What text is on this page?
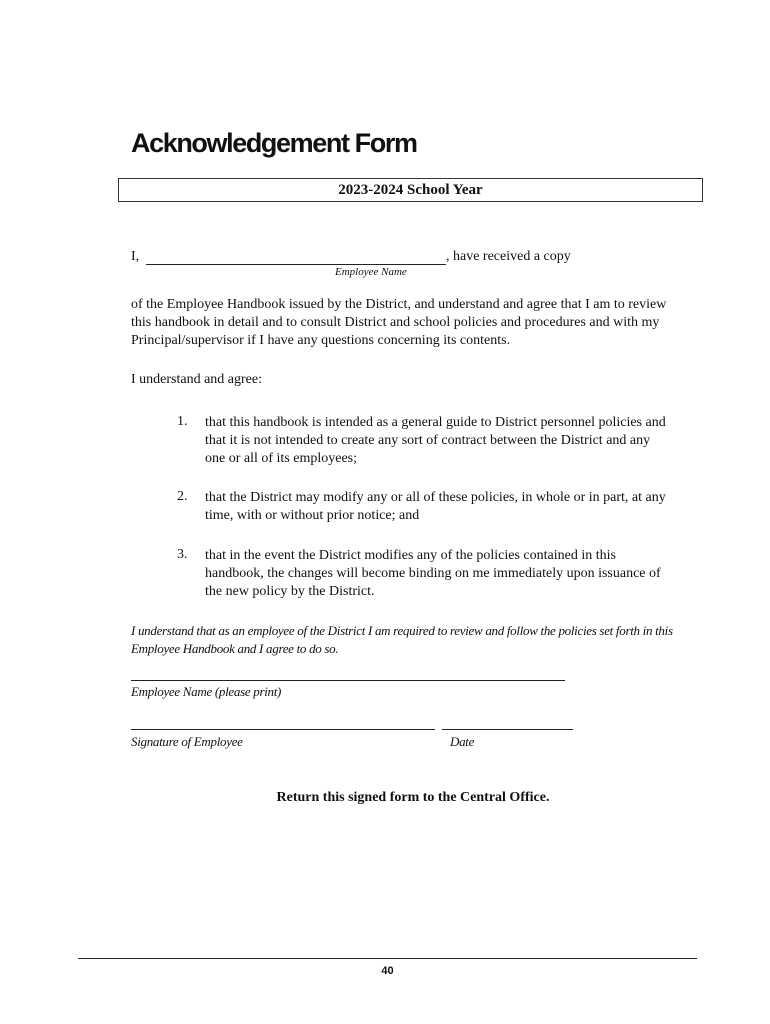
Acknowledgement Form
2023-2024 School Year
I,	, have received a copy
Employee Name
of the Employee Handbook issued by the District, and understand and agree that I am to review
this handbook in detail and to consult District and school policies and procedures and with my
Principal/supervisor if I have any questions concerning its contents.
I understand and agree:
1. that this handbook is intended as a general guide to District personnel policies and
that it is not intended to create any sort of contract between the District and any
one or all of its employees;
2. that the District may modify any or all of these policies, in whole or in part, at any
time, with or without prior notice; and
3. that in the event the District modifies any of the policies contained in this
handbook, the changes will become binding on me immediately upon issuance of
the new policy by the District.
I understand that as an employee of the District I am required to review and follow the policies set forth in this
Employee Handbook and I agree to do so.
Employee Name (please print)
Signature of Employee	Date
Return this signed form to the Central Office.
40
